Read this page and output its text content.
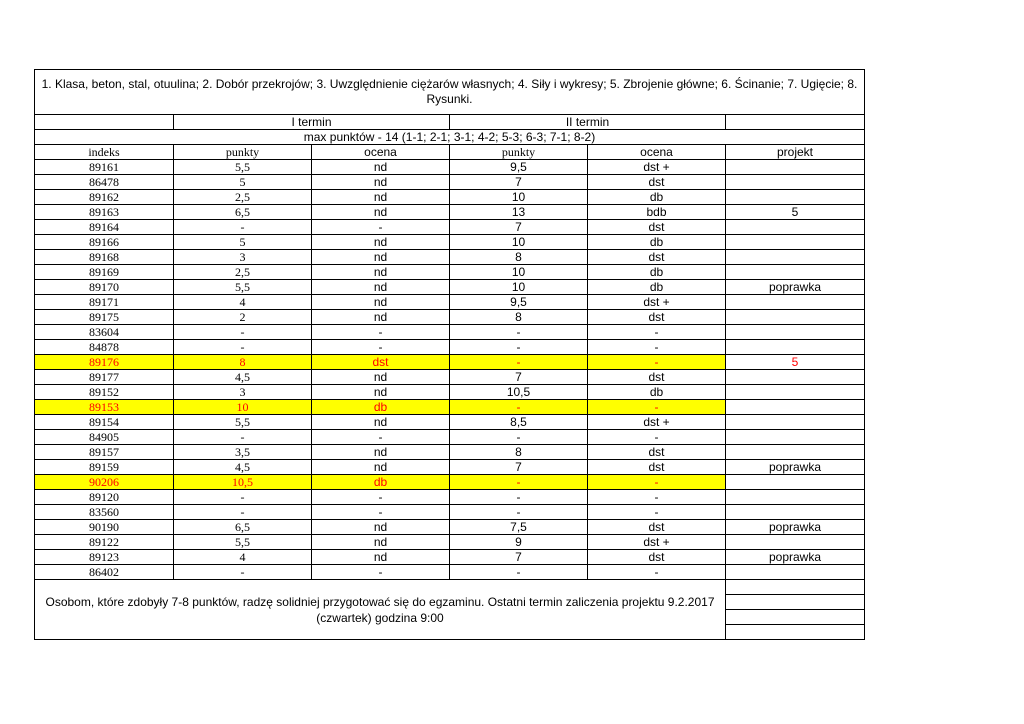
1. Klasa, beton, stal, otuulina; 2. Dobór przekrojów; 3. Uwzględnienie ciężarów własnych; 4. Siły i wykresy; 5. Zbrojenie główne; 6. Ścinanie; 7. Ugięcie; 8. Rysunki.					
	I termin		II termin		
max punktów - 14 (1-1; 2-1; 3-1; 4-2; 5-3; 6-3; 7-1; 8-2)					
indeks	punkty	ocena	punkty	ocena	projekt
89161	5,5	nd	9,5	dst +	
86478	5	nd	7	dst	
89162	2,5	nd	10	db	
89163	6,5	nd	13	bdb	5
89164	-	-	7	dst	
89166	5	nd	10	db	
89168	3	nd	8	dst	
89169	2,5	nd	10	db	
89170	5,5	nd	10	db	poprawka
89171	4	nd	9,5	dst +	
89175	2	nd	8	dst	
83604	-	-	-	-	
84878	-	-	-	-	
89176	8	dst	-	-	5
89177	4,5	nd	7	dst	
89152	3	nd	10,5	db	
89153	10	db	-	-	
89154	5,5	nd	8,5	dst +	
84905	-	-	-	-	
89157	3,5	nd	8	dst	
89159	4,5	nd	7	dst	poprawka
90206	10,5	db	-	-	
89120	-	-	-	-	
83560	-	-	-	-	
90190	6,5	nd	7,5	dst	poprawka
89122	5,5	nd	9	dst +	
89123	4	nd	7	dst	poprawka
86402	-	-	-	-	
Osobom, które zdobyły 7-8 punktów, radzę solidniej przygotować się do egzaminu. Ostatni termin zaliczenia projektu 9.2.2017 (czwartek) godzina 9:00					
